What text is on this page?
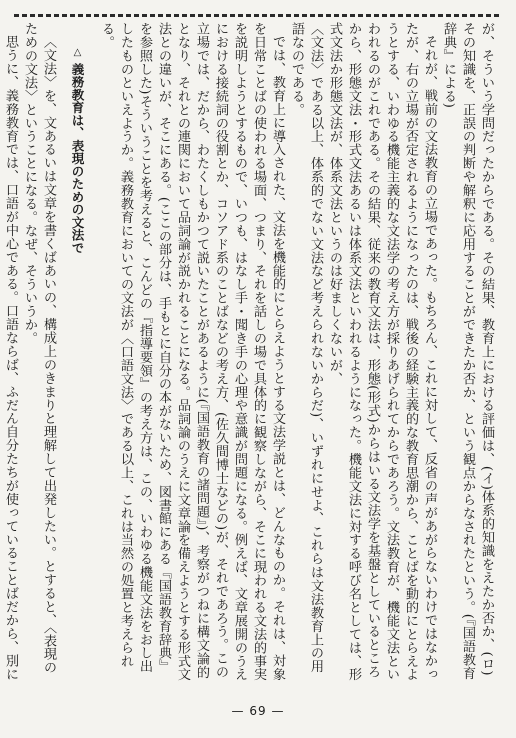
が、そういう学問だったからである。その結果、教育上における評価は、(イ)体系的知識をえたか否か、(ロ)その知識を、正誤の判断や解釈に応用することができたか否か、という観点からなされたという。(『国語教育辞典』による)

それが、戦前の文法教育の立場であった。もちろん、これに対して、反省の声があがらないわけではなかったが、右の立場が否定されるようになったのは、戦後の経験主義的な教育思潮から、ことばを動的にとらえようとする、いわゆる機能主義的な文法学の考え方が採りあげられてからであろう。文法教育が、機能文法といわれるのがこれである。その結果、従来の教育文法は、形態(形式)からはいる文法学を基盤としているところから、形態文法・形式文法あるいは体系文法といわれるようになった。機能文法に対する呼び名としては、形式文法か形態文法が、体系文法というのは好ましくないが、

〈文法〉である以上、体系的でない文法など考えられないからだ)、いずれにせよ、これらは文法教育上の用語なのである。

では、教育上に導入された、文法を機能的にとらえようとする文法学説とは、どんなものか。それは、対象を日常ことばの使われる場面、つまり、それを話しの場で具体的に観察しながら、そこに現われる文法的事実を説明しようとするもので、いつも、はなし手・聞き手の心理や意識が問題になる。例えば、文章展開のうえにおける接続詞の役割とか、コソアド系のことばなどの考え方、(佐久間博士などの)が、それであろう。この立場では、だから、わたくしもかつて説いたことがあるように(『国語教育の諸問題』)、考察がつねに構文論的となり、それとの連関において品詞論が説かれることになる。品詞論のうえに文章論を備えようとする形式文法との違いが、そこにある。(ここの部分は、手もとに自分の本がないため、図書館にある『国語教育辞典』を参照した)そういうことを考えると、こんどの『指導要領』の考え方は、この、いわゆる機能文法をおし出したものといえようか。義務教育においての文法が〈口語文法〉である以上、これは当然の処置と考えられる。

△ 義務教育は、表現のための文法で

〈文法〉を、文あるいは文章を書くばあいの、構成上のきまりと理解して出発したい。とすると、〈表現のための文法〉ということになる。なぜ、そういうか。

思うに、義務教育では、口語が中心である。口語ならば、ふだん自分たちが使っていることばだから、別に

— 69 —
